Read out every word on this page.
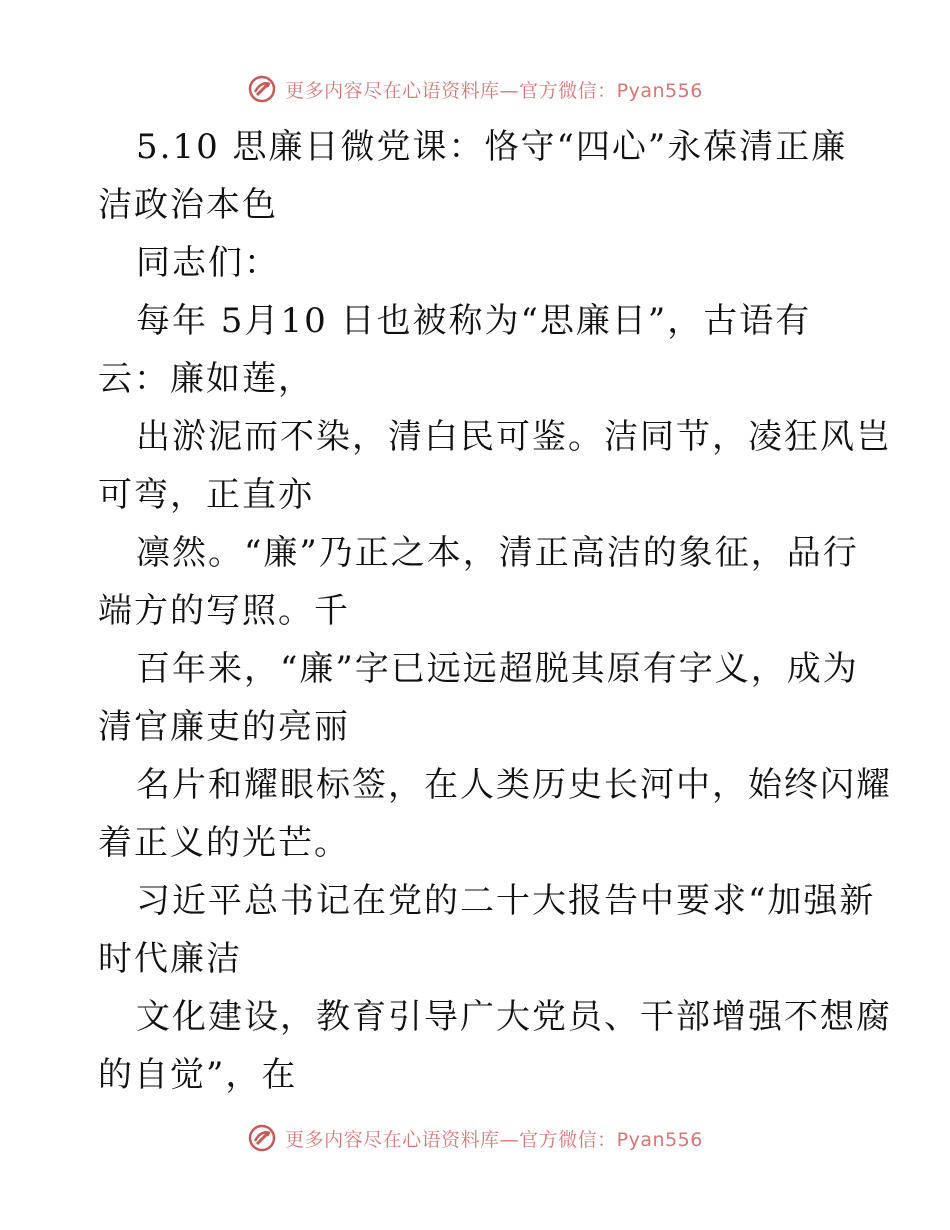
更多内容尽在心语资料库—官方微信：Pyan556
5.10 思廉日微党课：恪守“四心”永葆清正廉
洁政治本色
同志们：
每年 5月10 日也被称为“思廉日”，古语有
云：廉如莲，
出淤泥而不染，清白民可鉴。洁同节，凌狂风岂
可弯，正直亦
凛然。“廉”乃正之本，清正高洁的象征，品行
端方的写照。千
百年来，“廉”字已远远超脱其原有字义，成为
清官廉吏的亮丽
名片和耀眼标签，在人类历史长河中，始终闪耀
着正义的光芒。
习近平总书记在党的二十大报告中要求“加强新
时代廉洁
文化建设，教育引导广大党员、干部增强不想腐
的自觉”，在
更多内容尽在心语资料库—官方微信：Pyan556
